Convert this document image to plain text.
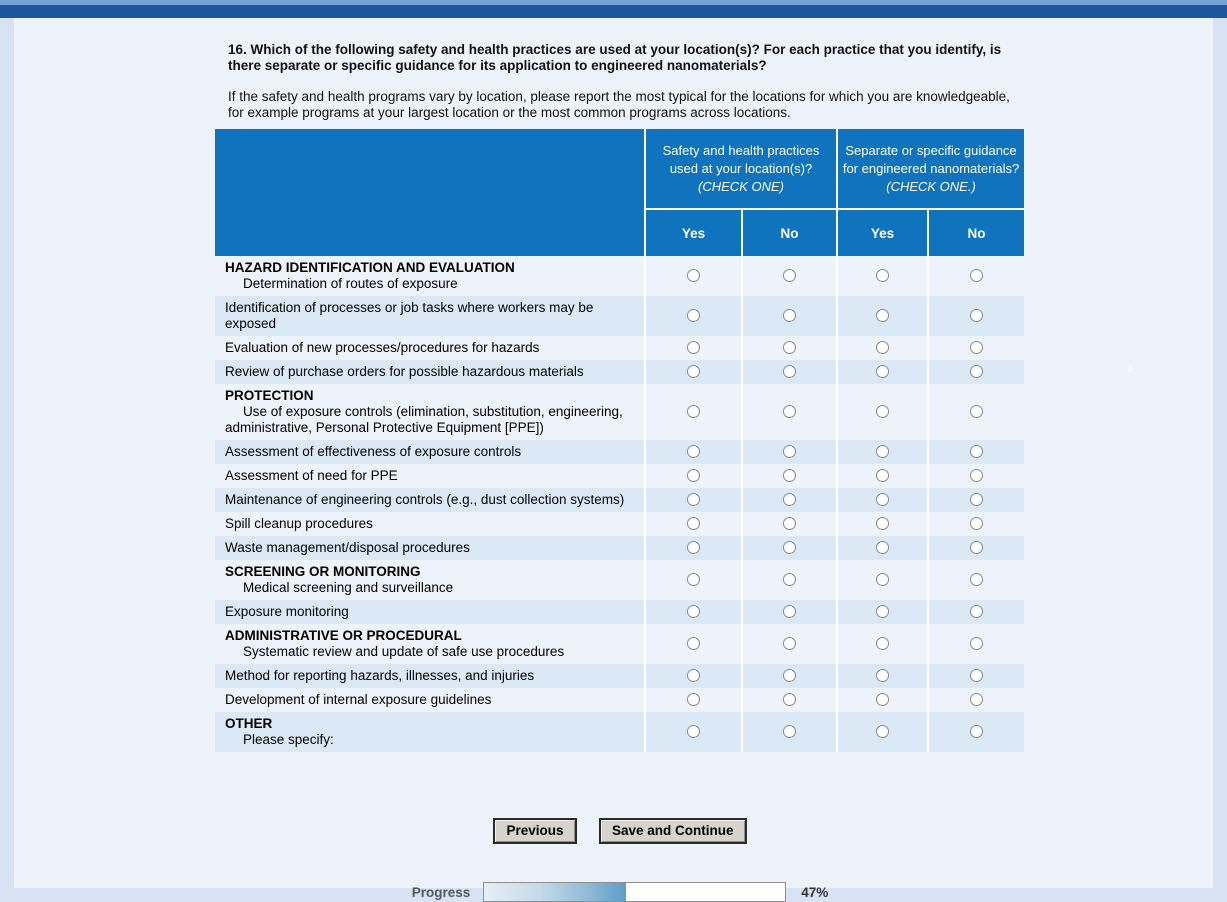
16. Which of the following safety and health practices are used at your location(s)? For each practice that you identify, is there separate or specific guidance for its application to engineered nanomaterials?
If the safety and health programs vary by location, please report the most typical for the locations for which you are knowledgeable, for example programs at your largest location or the most common programs across locations.

Safety and health practices used at your location(s)?
(CHECK ONE)

Separate or specific guidance for engineered nanomaterials?
(CHECK ONE.)

	Yes	No	Yes	No

HAZARD IDENTIFICATION AND EVALUATION
Determination of routes of exposure				

Identification of processes or job tasks where workers may be exposed				

Evaluation of new processes/procedures for hazards				

Review of purchase orders for possible hazardous materials				

PROTECTION
Use of exposure controls (elimination, substitution, engineering, administrative, Personal Protective Equipment [PPE])				

Assessment of effectiveness of exposure controls				

Assessment of need for PPE				

Maintenance of engineering controls (e.g., dust collection systems)				

Spill cleanup procedures				

Waste management/disposal procedures				

SCREENING OR MONITORING
Medical screening and surveillance				

Exposure monitoring				

ADMINISTRATIVE OR PROCEDURAL
Systematic review and update of safe use procedures				

Method for reporting hazards, illnesses, and injuries				

Development of internal exposure guidelines				

OTHER
Please specify:				

Previous	Save and Continue
Progress	47%
›
